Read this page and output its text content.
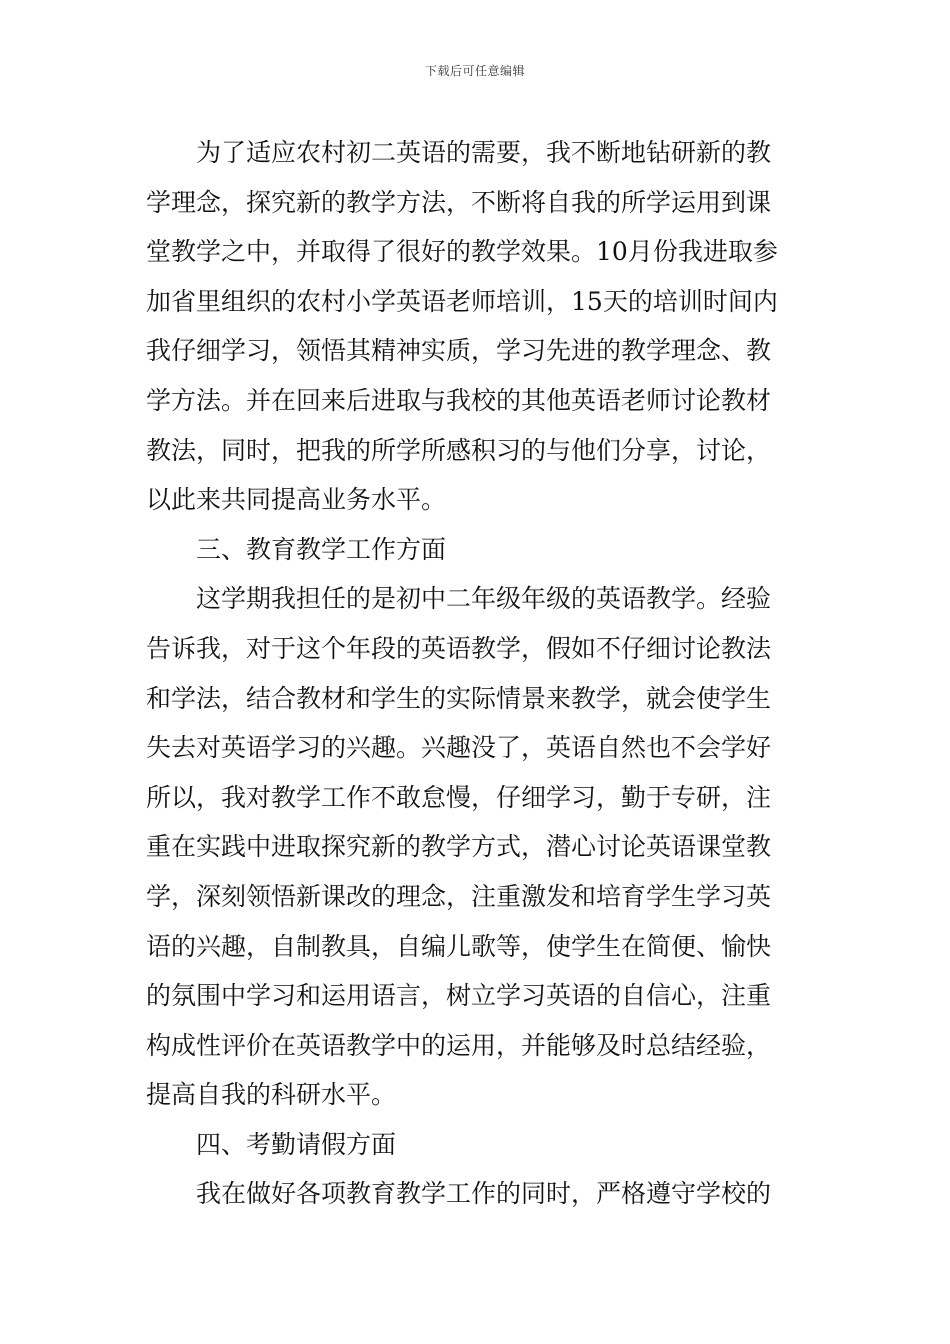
下载后可任意编辑
为了适应农村初二英语的需要，我不断地钻研新的教
学理念，探究新的教学方法，不断将自我的所学运用到课
堂教学之中，并取得了很好的教学效果。10月份我进取参
加省里组织的农村小学英语老师培训，15天的培训时间内
我仔细学习，领悟其精神实质，学习先进的教学理念、教
学方法。并在回来后进取与我校的其他英语老师讨论教材
教法，同时，把我的所学所感积习的与他们分享，讨论，
以此来共同提高业务水平。
三、教育教学工作方面
这学期我担任的是初中二年级年级的英语教学。经验
告诉我，对于这个年段的英语教学，假如不仔细讨论教法
和学法，结合教材和学生的实际情景来教学，就会使学生
失去对英语学习的兴趣。兴趣没了，英语自然也不会学好
所以，我对教学工作不敢怠慢，仔细学习，勤于专研，注
重在实践中进取探究新的教学方式，潜心讨论英语课堂教
学，深刻领悟新课改的理念，注重激发和培育学生学习英
语的兴趣，自制教具，自编儿歌等，使学生在简便、愉快
的氛围中学习和运用语言，树立学习英语的自信心，注重
构成性评价在英语教学中的运用，并能够及时总结经验，
提高自我的科研水平。
四、考勤请假方面
我在做好各项教育教学工作的同时，严格遵守学校的
